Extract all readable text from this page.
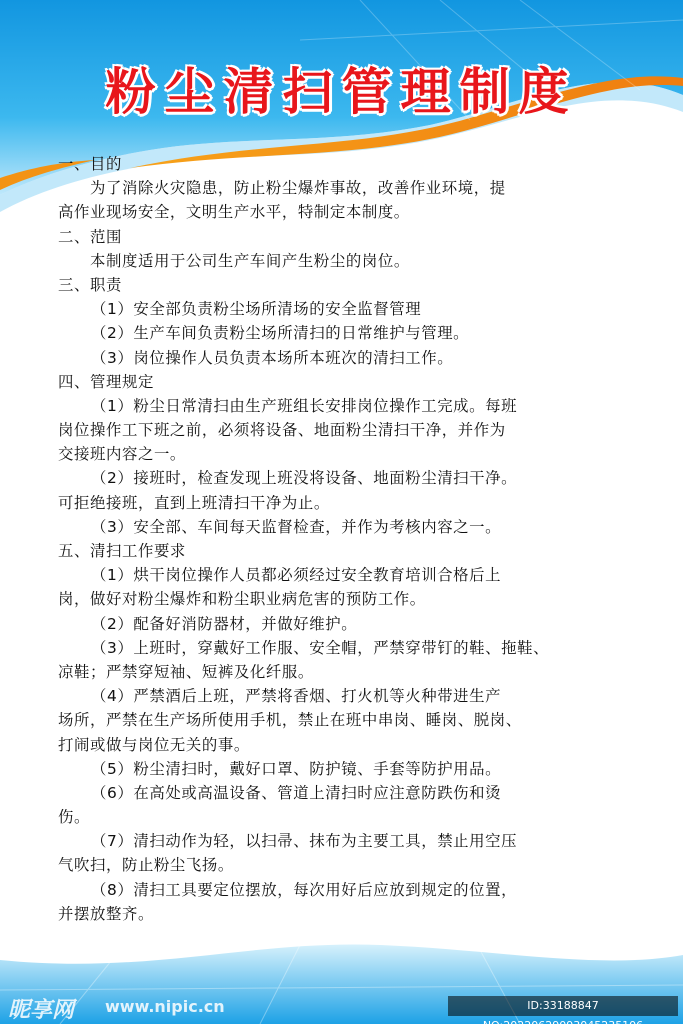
粉尘清扫管理制度
一、目的
为了消除火灾隐患，防止粉尘爆炸事故，改善作业环境，提
高作业现场安全，文明生产水平，特制定本制度。
二、范围
本制度适用于公司生产车间产生粉尘的岗位。
三、职责
（1）安全部负责粉尘场所清场的安全监督管理
（2）生产车间负责粉尘场所清扫的日常维护与管理。
（3）岗位操作人员负责本场所本班次的清扫工作。
四、管理规定
（1）粉尘日常清扫由生产班组长安排岗位操作工完成。每班
岗位操作工下班之前，必须将设备、地面粉尘清扫干净，并作为
交接班内容之一。
（2）接班时，检查发现上班没将设备、地面粉尘清扫干净。
可拒绝接班，直到上班清扫干净为止。
（3）安全部、车间每天监督检查，并作为考核内容之一。
五、清扫工作要求
（1）烘干岗位操作人员都必须经过安全教育培训合格后上
岗，做好对粉尘爆炸和粉尘职业病危害的预防工作。
（2）配备好消防器材，并做好维护。
（3）上班时，穿戴好工作服、安全帽，严禁穿带钉的鞋、拖鞋、
凉鞋；严禁穿短袖、短裤及化纤服。
（4）严禁酒后上班，严禁将香烟、打火机等火种带进生产
场所，严禁在生产场所使用手机，禁止在班中串岗、睡岗、脱岗、
打闹或做与岗位无关的事。
（5）粉尘清扫时，戴好口罩、防护镜、手套等防护用品。
（6）在高处或高温设备、管道上清扫时应注意防跌伤和烫
伤。
（7）清扫动作为轻，以扫帚、抹布为主要工具，禁止用空压
气吹扫，防止粉尘飞扬。
（8）清扫工具要定位摆放，每次用好后应放到规定的位置，
并摆放整齐。
昵享网 www.nipic.cn	ID:33188847 NO:20220629093045235106
